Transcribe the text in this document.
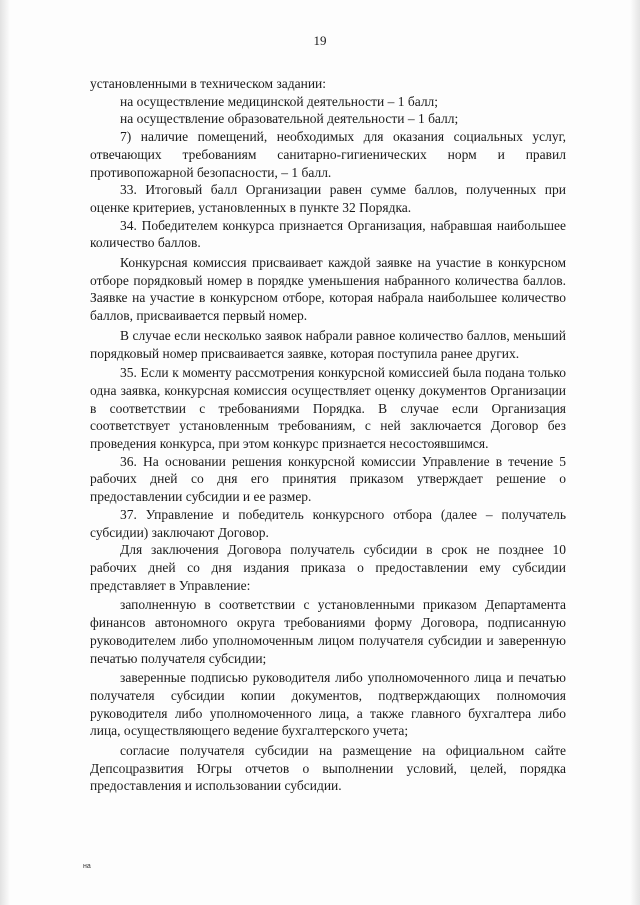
19

установленными в техническом задании:

на осуществление медицинской деятельности – 1 балл;

на осуществление образовательной деятельности – 1 балл;

7) наличие помещений, необходимых для оказания социальных услуг, отвечающих требованиям санитарно-гигиенических норм и правил противопожарной безопасности, – 1 балл.

33. Итоговый балл Организации равен сумме баллов, полученных при оценке критериев, установленных в пункте 32 Порядка.

34. Победителем конкурса признается Организация, набравшая наибольшее количество баллов.

Конкурсная комиссия присваивает каждой заявке на участие в конкурсном отборе порядковый номер в порядке уменьшения набранного количества баллов. Заявке на участие в конкурсном отборе, которая набрала наибольшее количество баллов, присваивается первый номер.

В случае если несколько заявок набрали равное количество баллов, меньший порядковый номер присваивается заявке, которая поступила ранее других.

35. Если к моменту рассмотрения конкурсной комиссией была подана только одна заявка, конкурсная комиссия осуществляет оценку документов Организации в соответствии с требованиями Порядка. В случае если Организация соответствует установленным требованиям, с ней заключается Договор без проведения конкурса, при этом конкурс признается несостоявшимся.

36. На основании решения конкурсной комиссии Управление в течение 5 рабочих дней со дня его принятия приказом утверждает решение о предоставлении субсидии и ее размер.

37. Управление и победитель конкурсного отбора (далее – получатель субсидии) заключают Договор.

Для заключения Договора получатель субсидии в срок не позднее 10 рабочих дней со дня издания приказа о предоставлении ему субсидии представляет в Управление:

заполненную в соответствии с установленными приказом Департамента финансов автономного округа требованиями форму Договора, подписанную руководителем либо уполномоченным лицом получателя субсидии и заверенную печатью получателя субсидии;

заверенные подписью руководителя либо уполномоченного лица и печатью получателя субсидии копии документов, подтверждающих полномочия руководителя либо уполномоченного лица, а также главного бухгалтера либо лица, осуществляющего ведение бухгалтерского учета;

согласие получателя субсидии на размещение на официальном сайте Депсоцразвития Югры отчетов о выполнении условий, целей, порядка предоставления и использовании субсидии.

на
